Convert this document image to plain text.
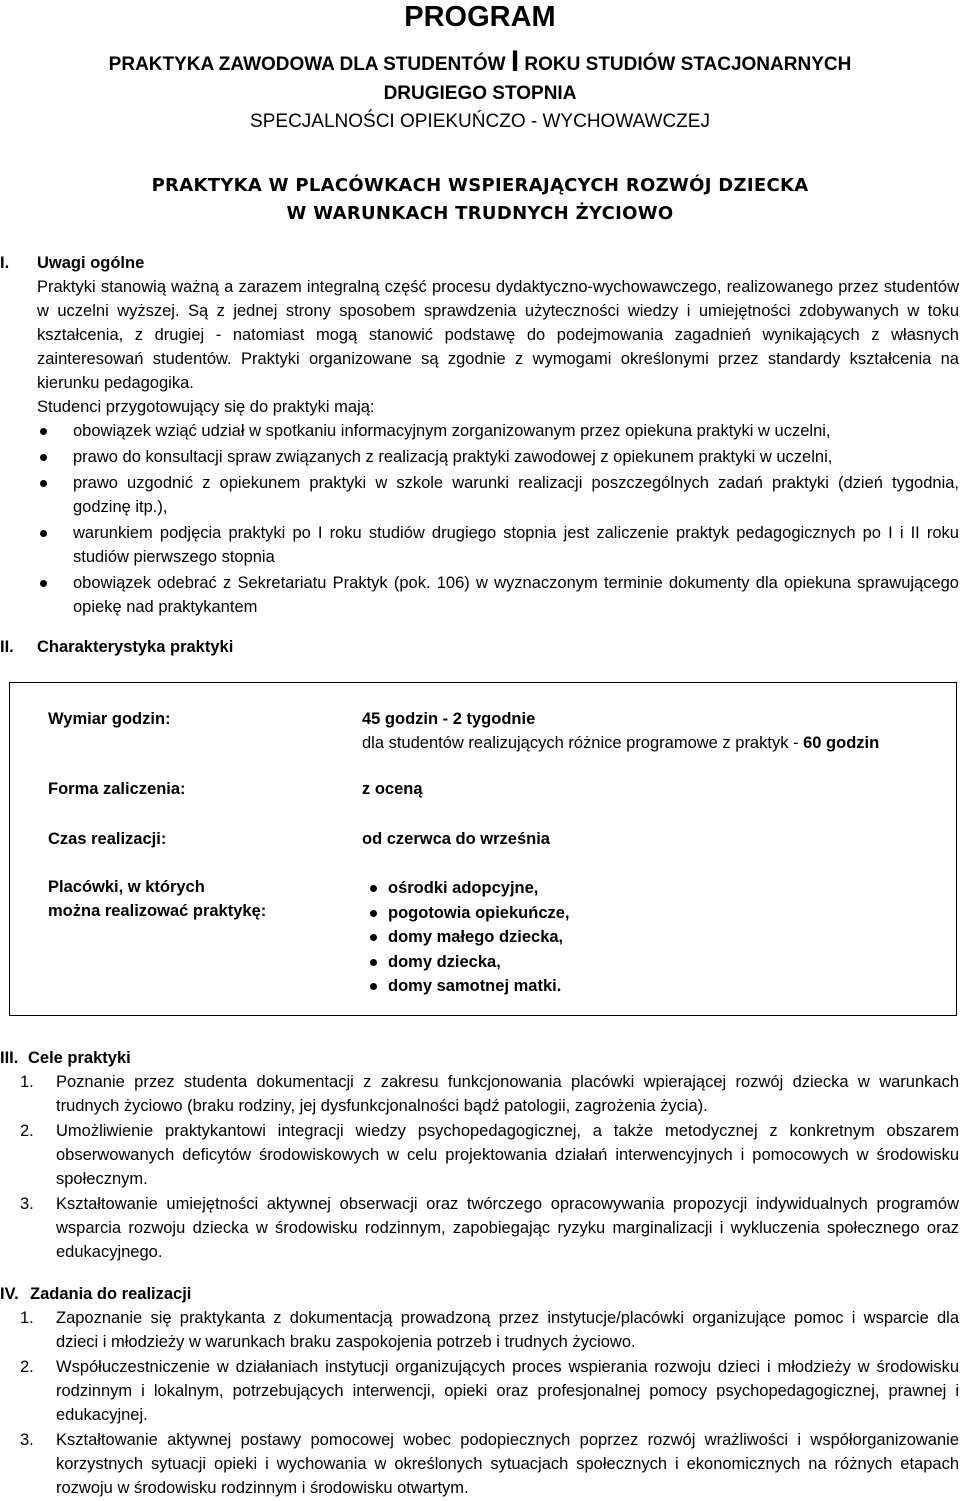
PROGRAM
PRAKTYKA ZAWODOWA DLA STUDENTÓW I ROKU STUDIÓW STACJONARNYCH
DRUGIEGO STOPNIA
SPECJALNOŚCI OPIEKUŃCZO - WYCHOWAWCZEJ
PRAKTYKA W PLACÓWKACH WSPIERAJĄCYCH ROZWÓJ DZIECKA
W WARUNKACH TRUDNYCH ŻYCIOWO
I. Uwagi ogólne
Praktyki stanowią ważną a zarazem integralną część procesu dydaktyczno-wychowawczego, realizowanego przez studentów w uczelni wyższej. Są z jednej strony sposobem sprawdzenia użyteczności wiedzy i umiejętności zdobywanych w toku kształcenia, z drugiej - natomiast mogą stanowić podstawę do podejmowania zagadnień wynikających z własnych zainteresowań studentów. Praktyki organizowane są zgodnie z wymogami określonymi przez standardy kształcenia na kierunku pedagogika.
Studenci przygotowujący się do praktyki mają:
obowiązek wziąć udział w spotkaniu informacyjnym zorganizowanym przez opiekuna praktyki w uczelni,
prawo do konsultacji spraw związanych z realizacją praktyki zawodowej z opiekunem praktyki w uczelni,
prawo uzgodnić z opiekunem praktyki w szkole warunki realizacji poszczególnych zadań praktyki (dzień tygodnia, godzinę itp.),
warunkiem podjęcia praktyki po I roku studiów drugiego stopnia jest zaliczenie praktyk pedagogicznych po I i II roku studiów pierwszego stopnia
obowiązek odebrać z Sekretariatu Praktyk (pok. 106) w wyznaczonym terminie dokumenty dla opiekuna sprawującego opiekę nad praktykantem
II. Charakterystyka praktyki
Wymiar godzin:	45 godzin - 2 tygodnie
dla studentów realizujących różnice programowe z praktyk - 60 godzin
Forma zaliczenia:	z oceną
Czas realizacji:	od czerwca do września
Placówki, w których
można realizować praktykę:
ośrodki adopcyjne,
pogotowia opiekuńcze,
domy małego dziecka,
domy dziecka,
domy samotnej matki.
III. Cele praktyki
1. Poznanie przez studenta dokumentacji z zakresu funkcjonowania placówki wpierającej rozwój dziecka w warunkach trudnych życiowo (braku rodziny, jej dysfunkcjonalności bądź patologii, zagrożenia życia).
2. Umożliwienie praktykantowi integracji wiedzy psychopedagogicznej, a także metodycznej z konkretnym obszarem obserwowanych deficytów środowiskowych w celu projektowania działań interwencyjnych i pomocowych w środowisku społecznym.
3. Kształtowanie umiejętności aktywnej obserwacji oraz twórczego opracowywania propozycji indywidualnych programów wsparcia rozwoju dziecka w środowisku rodzinnym, zapobiegając ryzyku marginalizacji i wykluczenia społecznego oraz edukacyjnego.
IV. Zadania do realizacji
1. Zapoznanie się praktykanta z dokumentacją prowadzoną przez instytucje/placówki organizujące pomoc i wsparcie dla dzieci i młodzieży w warunkach braku zaspokojenia potrzeb i trudnych życiowo.
2. Współuczestniczenie w działaniach instytucji organizujących proces wspierania rozwoju dzieci i młodzieży w środowisku rodzinnym i lokalnym, potrzebujących interwencji, opieki oraz profesjonalnej pomocy psychopedagogicznej, prawnej i edukacyjnej.
3. Kształtowanie aktywnej postawy pomocowej wobec podopiecznych poprzez rozwój wrażliwości i współorganizowanie korzystnych sytuacji opieki i wychowania w określonych sytuacjach społecznych i ekonomicznych na różnych etapach rozwoju w środowisku rodzinnym i środowisku otwartym.
